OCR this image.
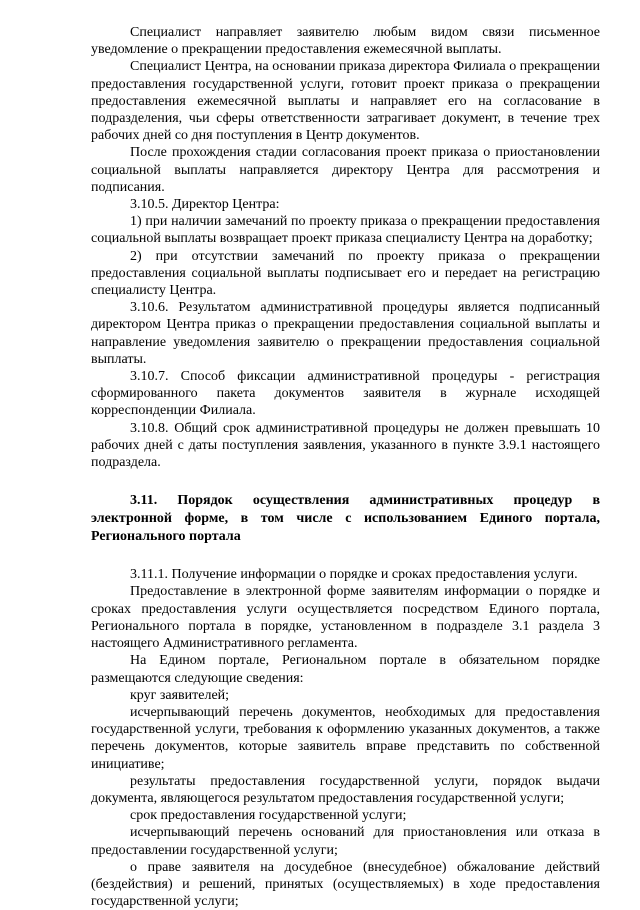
Специалист направляет заявителю любым видом связи письменное уведомление о прекращении предоставления ежемесячной выплаты.

Специалист Центра, на основании приказа директора Филиала о прекращении предоставления государственной услуги, готовит проект приказа о прекращении предоставления ежемесячной выплаты и направляет его на согласование в подразделения, чьи сферы ответственности затрагивает документ, в течение трех рабочих дней со дня поступления в Центр документов.

После прохождения стадии согласования проект приказа о приостановлении социальной выплаты направляется директору Центра для рассмотрения и подписания.

3.10.5. Директор Центра:

1) при наличии замечаний по проекту приказа о прекращении предоставления социальной выплаты возвращает проект приказа специалисту Центра на доработку;

2) при отсутствии замечаний по проекту приказа о прекращении предоставления социальной выплаты подписывает его и передает на регистрацию специалисту Центра.

3.10.6. Результатом административной процедуры является подписанный директором Центра приказ о прекращении предоставления социальной выплаты и направление уведомления заявителю о прекращении предоставления социальной выплаты.

3.10.7. Способ фиксации административной процедуры - регистрация сформированного пакета документов заявителя в журнале исходящей корреспонденции Филиала.

3.10.8. Общий срок административной процедуры не должен превышать 10 рабочих дней с даты поступления заявления, указанного в пункте 3.9.1 настоящего подраздела.

3.11. Порядок осуществления административных процедур в электронной форме, в том числе с использованием Единого портала, Регионального портала

3.11.1. Получение информации о порядке и сроках предоставления услуги.

Предоставление в электронной форме заявителям информации о порядке и сроках предоставления услуги осуществляется посредством Единого портала, Регионального портала в порядке, установленном в подразделе 3.1 раздела 3 настоящего Административного регламента.

На Едином портале, Региональном портале в обязательном порядке размещаются следующие сведения:

круг заявителей;

исчерпывающий перечень документов, необходимых для предоставления государственной услуги, требования к оформлению указанных документов, а также перечень документов, которые заявитель вправе представить по собственной инициативе;

результаты предоставления государственной услуги, порядок выдачи документа, являющегося результатом предоставления государственной услуги;

срок предоставления государственной услуги;

исчерпывающий перечень оснований для приостановления или отказа в предоставлении государственной услуги;

о праве заявителя на досудебное (внесудебное) обжалование действий (бездействия) и решений, принятых (осуществляемых) в ходе предоставления государственной услуги;
